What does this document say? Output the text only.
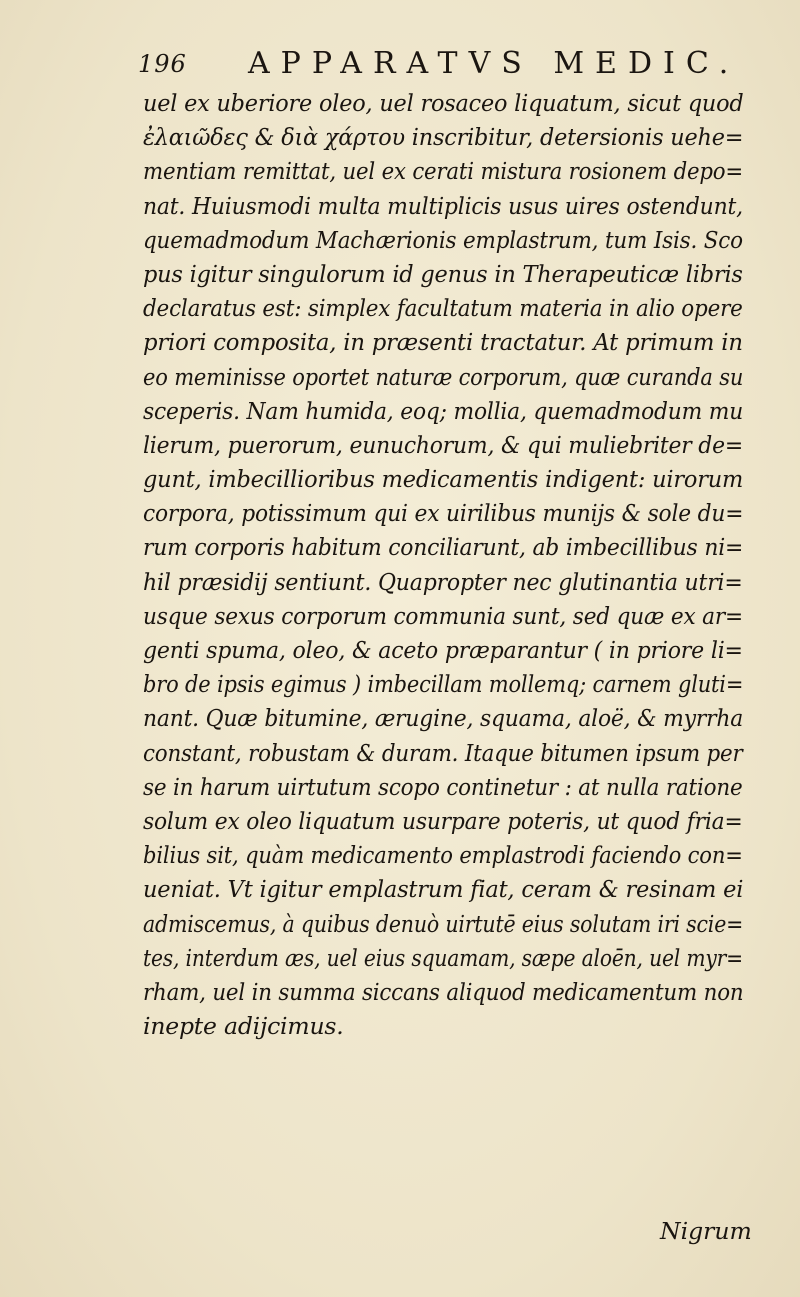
196 APPARATVS MEDIC.
uel ex uberiore oleo, uel rosaceo liquatum, sicut quod
ἐλαιῶδες & διὰ χάρτου inscribitur, detersionis uehe=
mentiam remittat, uel ex cerati mistura rosionem depo=
nat. Huiusmodi multa multiplicis usus uires ostendunt,
quemadmodum Machærionis emplastrum, tum Isis. Sco
pus igitur singulorum id genus in Therapeuticæ libris
declaratus est: simplex facultatum materia in alio opere
priori composita, in præsenti tractatur. At primum in
eo meminisse oportet naturæ corporum, quæ curanda su
sceperis. Nam humida, eoq; mollia, quemadmodum mu
lierum, puerorum, eunuchorum, & qui muliebriter de=
gunt, imbecillioribus medicamentis indigent: uirorum
corpora, potissimum qui ex uirilibus munijs & sole du=
rum corporis habitum conciliarunt, ab imbecillibus ni=
hil præsidij sentiunt. Quapropter nec glutinantia utri=
usque sexus corporum communia sunt, sed quæ ex ar=
genti spuma, oleo, & aceto præparantur ( in priore li=
bro de ipsis egimus ) imbecillam mollemq; carnem gluti=
nant. Quæ bitumine, ærugine, squama, aloë, & myrrha
constant, robustam & duram. Itaque bitumen ipsum per
se in harum uirtutum scopo continetur : at nulla ratione
solum ex oleo liquatum usurpare poteris, ut quod fria=
bilius sit, quàm medicamento emplastrodi faciendo con=
ueniat. Vt igitur emplastrum fiat, ceram & resinam ei
admiscemus, à quibus denuò uirtutē eius solutam iri scie=
tes, interdum æs, uel eius squamam, sæpe aloēn, uel myr=
rham, uel in summa siccans aliquod medicamentum non
inepte adijcimus.
Nigrum
